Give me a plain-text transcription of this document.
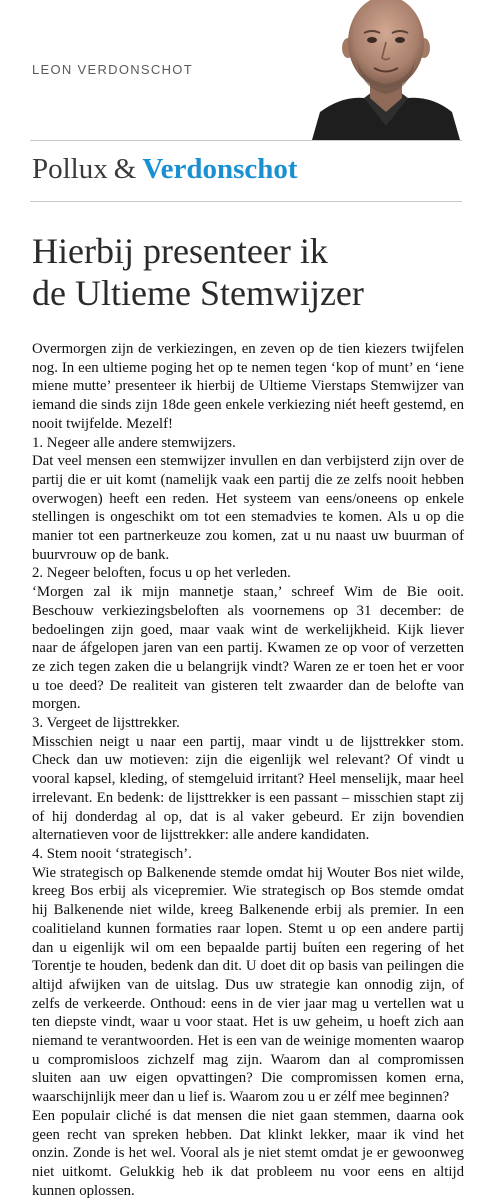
LEON VERDONSCHOT
Pollux & Verdonschot
Hierbij presenteer ik
de Ultieme Stemwijzer

Overmorgen zijn de verkiezingen, en zeven op de tien kiezers twijfelen nog. In een ultieme poging het op te nemen tegen ‘kop of munt’ en ‘iene miene mutte’ presenteer ik hierbij de Ultieme Vierstaps Stemwijzer van iemand die sinds zijn 18de geen enkele verkiezing niét heeft gestemd, en nooit twijfelde. Mezelf!

1. Negeer alle andere stemwijzers.

Dat veel mensen een stemwijzer invullen en dan verbijsterd zijn over de partij die er uit komt (namelijk vaak een partij die ze zelfs nooit hebben overwogen) heeft een reden. Het systeem van eens/oneens op enkele stellingen is ongeschikt om tot een stemadvies te komen. Als u op die manier tot een partnerkeuze zou komen, zat u nu naast uw buurman of buurvrouw op de bank.

2. Negeer beloften, focus u op het verleden.

‘Morgen zal ik mijn mannetje staan,’ schreef Wim de Bie ooit. Beschouw verkiezingsbeloften als voornemens op 31 december: de bedoelingen zijn goed, maar vaak wint de werkelijkheid. Kijk liever naar de áfgelopen jaren van een partij. Kwamen ze op voor of verzetten ze zich tegen zaken die u belangrijk vindt? Waren ze er toen het er voor u toe deed? De realiteit van gisteren telt zwaarder dan de belofte van morgen.

3. Vergeet de lijsttrekker.

Misschien neigt u naar een partij, maar vindt u de lijsttrekker stom. Check dan uw motieven: zijn die eigenlijk wel relevant? Of vindt u vooral kapsel, kleding, of stemgeluid irritant? Heel menselijk, maar heel irrelevant. En bedenk: de lijsttrekker is een passant – misschien stapt zij of hij donderdag al op, dat is al vaker gebeurd. Er zijn bovendien alternatieven voor de lijsttrekker: alle andere kandidaten.

4. Stem nooit ‘strategisch’.

Wie strategisch op Balkenende stemde omdat hij Wouter Bos niet wilde, kreeg Bos erbij als vicepremier. Wie strategisch op Bos stemde omdat hij Balkenende niet wilde, kreeg Balkenende erbij als premier. In een coalitieland kunnen formaties raar lopen. Stemt u op een andere partij dan u eigenlijk wil om een bepaalde partij buíten een regering of het Torentje te houden, bedenk dan dit. U doet dit op basis van peilingen die altijd afwijken van de uitslag. Dus uw strategie kan onnodig zijn, of zelfs de verkeerde. Onthoud: eens in de vier jaar mag u vertellen wat u ten diepste vindt, waar u voor staat. Het is uw geheim, u hoeft zich aan niemand te verantwoorden. Het is een van de weinige momenten waarop u compromisloos zichzelf mag zijn. Waarom dan al compromissen sluiten aan uw eigen opvattingen? Die compromissen komen erna, waarschijnlijk meer dan u lief is. Waarom zou u er zélf mee beginnen?

Een populair cliché is dat mensen die niet gaan stemmen, daarna ook geen recht van spreken hebben. Dat klinkt lekker, maar ik vind het onzin. Zonde is het wel. Vooral als je niet stemt omdat je er gewoonweg niet uitkomt. Gelukkig heb ik dat probleem nu voor eens en altijd kunnen oplossen.
